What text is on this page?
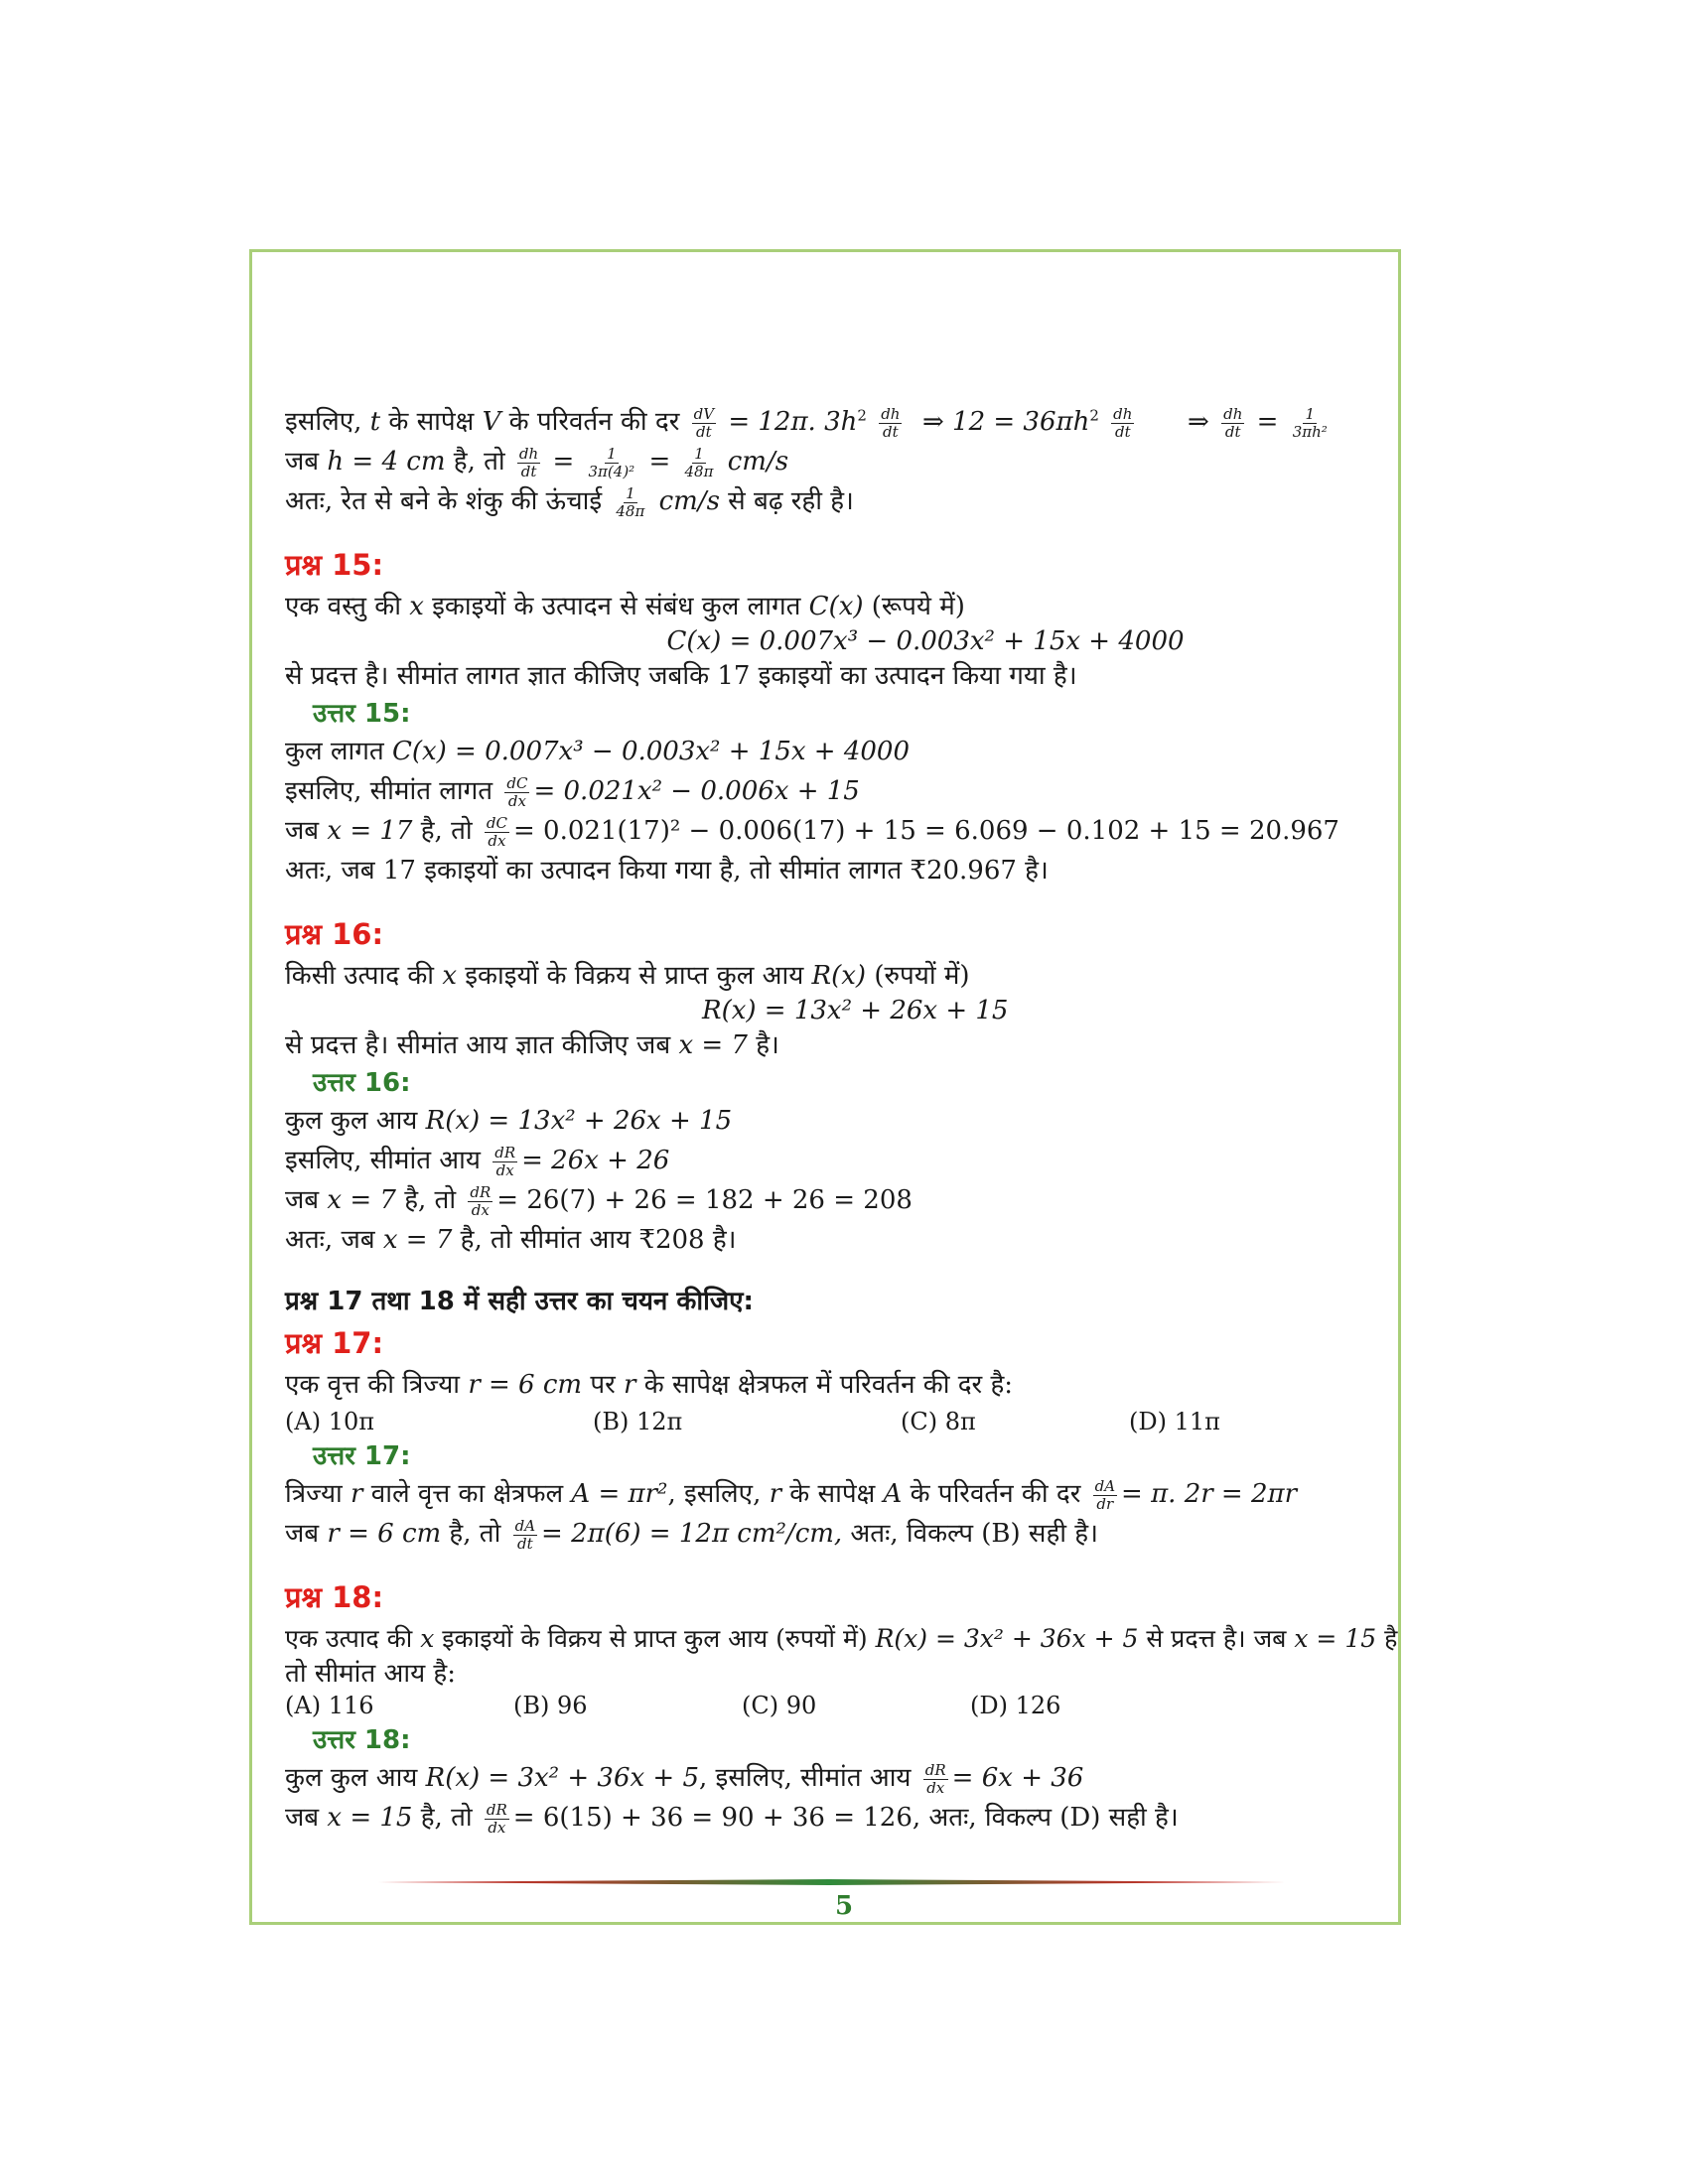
इसलिए, t के सापेक्ष V के परिवर्तन की दर $\frac{dV}{dt} = 12\pi$. $3h^2 \frac{dh}{dt}$ ⇒ $12 = 36\pi h^2 \frac{dh}{dt}$ ⇒ $\frac{dh}{dt} = \frac{1}{\text{3πh²}}$
जब h = 4 cm है, तो $\frac{dh}{dt} = \frac{1}{\text{3π(4)²}} = \frac{1}{48\pi} cm/s$
अतः, रेत से बने के शंकु की ऊंचाई $\frac{1}{48\pi} cm/s$ से बढ़ रही है।
प्रश्न 15:
एक वस्तु की x इकाइयों के उत्पादन से संबंध कुल लागत C(x) (रूपये में)
C(x) = 0.007x³ − 0.003x² + 15x + 4000
से प्रदत्त है। सीमांत लागत ज्ञात कीजिए जबकि 17 इकाइयों का उत्पादन किया गया है।
उत्तर 15:
कुल लागत C(x) = 0.007x³ − 0.003x² + 15x + 4000
इसलिए, सीमांत लागत $\frac{dC}{dx} = 0.021x^2 - 0.006x + 15$
जब x = 17 है, तो $\frac{dC}{dx} = 0.021(17)^2 - 0.006(17) + 15 = 6.069 - 0.102 + 15 = 20.967$
अतः, जब 17 इकाइयों का उत्पादन किया गया है, तो सीमांत लागत ₹20.967 है।
प्रश्न 16:
किसी उत्पाद की x इकाइयों के विक्रय से प्राप्त कुल आय R(x) (रुपयों में)
R(x) = 13x² + 26x + 15
से प्रदत्त है। सीमांत आय ज्ञात कीजिए जब x = 7 है।
उत्तर 16:
कुल कुल आय R(x) = 13x² + 26x + 15
इसलिए, सीमांत आय $\frac{dR}{dx} = 26x + 26$
जब x = 7 है, तो $\frac{dR}{dx} = 26(7) + 26 = 182 + 26 = 208$
अतः, जब x = 7 है, तो सीमांत आय ₹208 है।
प्रश्न 17 तथा 18 में सही उत्तर का चयन कीजिए:
प्रश्न 17:
एक वृत्त की त्रिज्या r = 6 cm पर r के सापेक्ष क्षेत्रफल में परिवर्तन की दर है:
(A) 10π	(B) 12π	(C) 8π	(D) 11π
उत्तर 17:
त्रिज्या r वाले वृत्त का क्षेत्रफल A = πr², इसलिए, r के सापेक्ष A के परिवर्तन की दर $\frac{dA}{dr} = \pi$. 2r = 2πr
जब r = 6 cm है, तो $\frac{dA}{dt} = 2\pi(6) = 12\pi$ cm²/cm, अतः, विकल्प (B) सही है।
प्रश्न 18:
एक उत्पाद की x इकाइयों के विक्रय से प्राप्त कुल आय (रुपयों में) R(x) = 3x² + 36x + 5 से प्रदत्त है। जब x = 15 है
तो सीमांत आय है:
(A) 116	(B) 96	(C) 90	(D) 126
उत्तर 18:
कुल कुल आय R(x) = 3x² + 36x + 5, इसलिए, सीमांत आय $\frac{dR}{dx} = 6x + 36$
जब x = 15 है, तो $\frac{dR}{dx} = 6(15) + 36 = 90 + 36 = 126$, अतः, विकल्प (D) सही है।
5
